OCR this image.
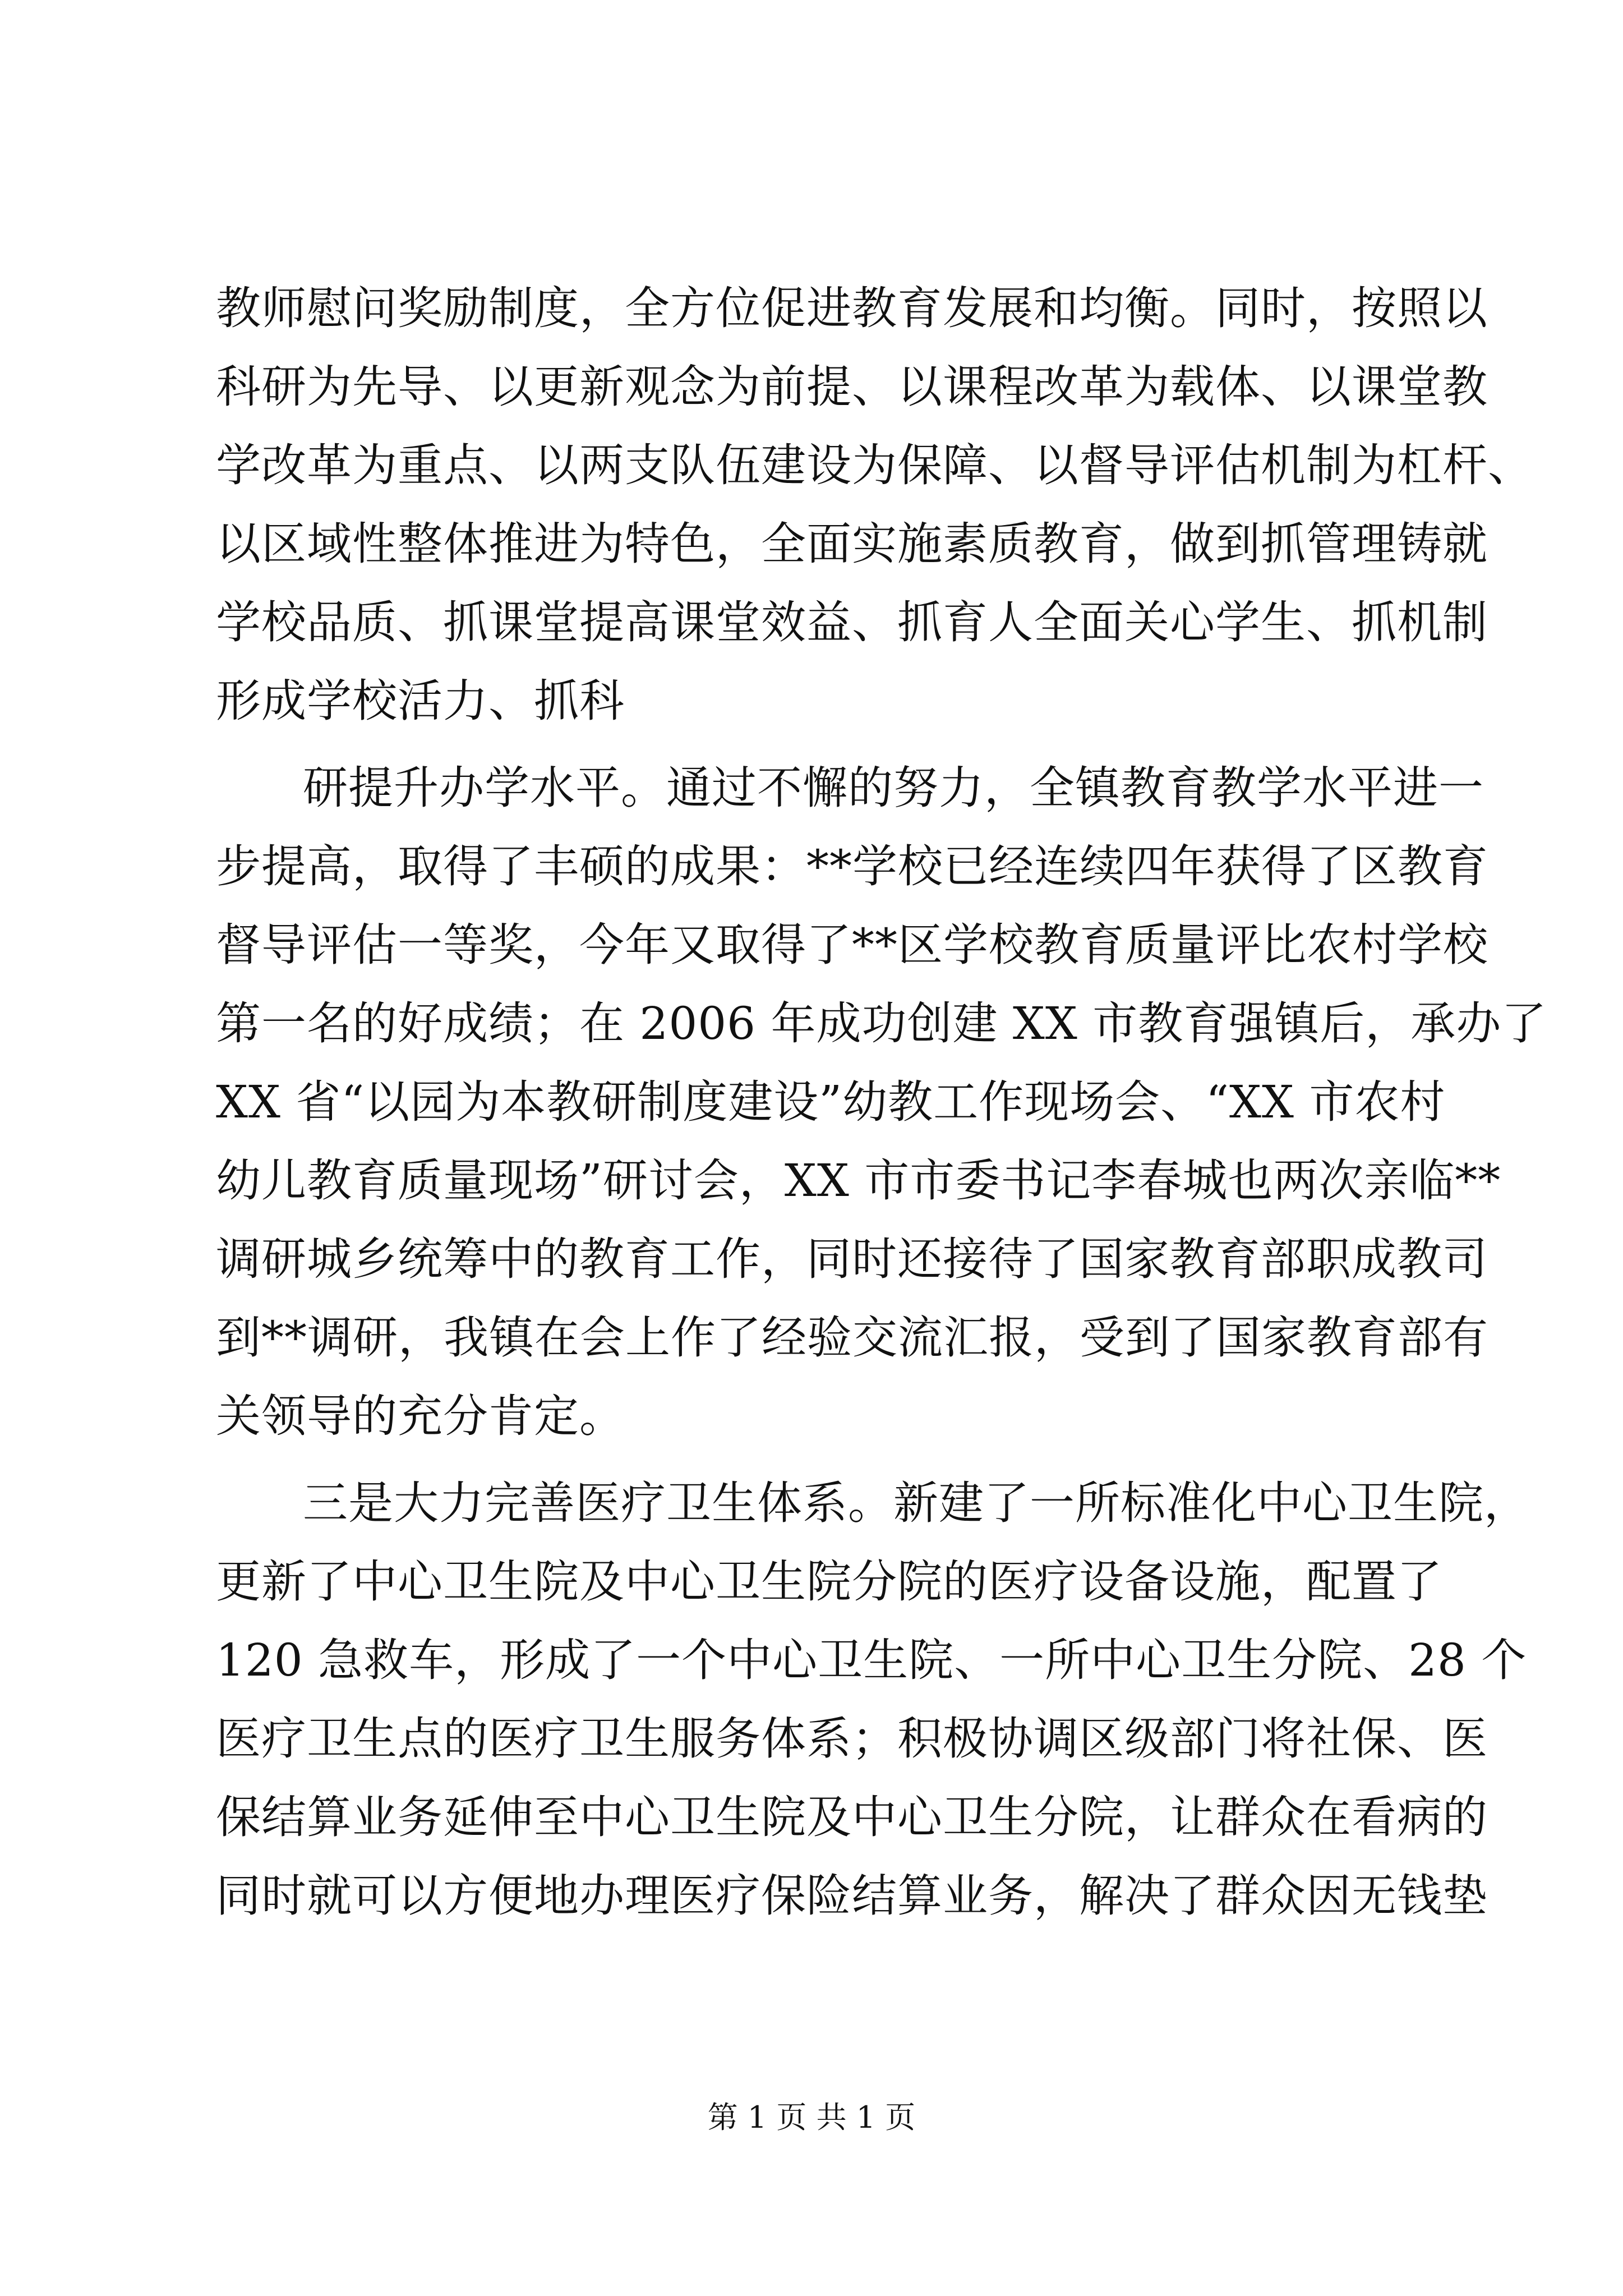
教师慰问奖励制度，全方位促进教育发展和均衡。同时，按照以
科研为先导、以更新观念为前提、以课程改革为载体、以课堂教
学改革为重点、以两支队伍建设为保障、以督导评估机制为杠杆、
以区域性整体推进为特色，全面实施素质教育，做到抓管理铸就
学校品质、抓课堂提高课堂效益、抓育人全面关心学生、抓机制
形成学校活力、抓科
研提升办学水平。通过不懈的努力，全镇教育教学水平进一
步提高，取得了丰硕的成果：**学校已经连续四年获得了区教育
督导评估一等奖，今年又取得了**区学校教育质量评比农村学校
第一名的好成绩；在 2006 年成功创建 XX 市教育强镇后，承办了
XX 省“以园为本教研制度建设”幼教工作现场会、“XX 市农村
幼儿教育质量现场”研讨会，XX 市市委书记李春城也两次亲临**
调研城乡统筹中的教育工作，同时还接待了国家教育部职成教司
到**调研，我镇在会上作了经验交流汇报，受到了国家教育部有
关领导的充分肯定。
三是大力完善医疗卫生体系。新建了一所标准化中心卫生院，
更新了中心卫生院及中心卫生院分院的医疗设备设施，配置了
120 急救车，形成了一个中心卫生院、一所中心卫生分院、28 个
医疗卫生点的医疗卫生服务体系；积极协调区级部门将社保、医
保结算业务延伸至中心卫生院及中心卫生分院，让群众在看病的
同时就可以方便地办理医疗保险结算业务，解决了群众因无钱垫
第 1 页 共 1 页
